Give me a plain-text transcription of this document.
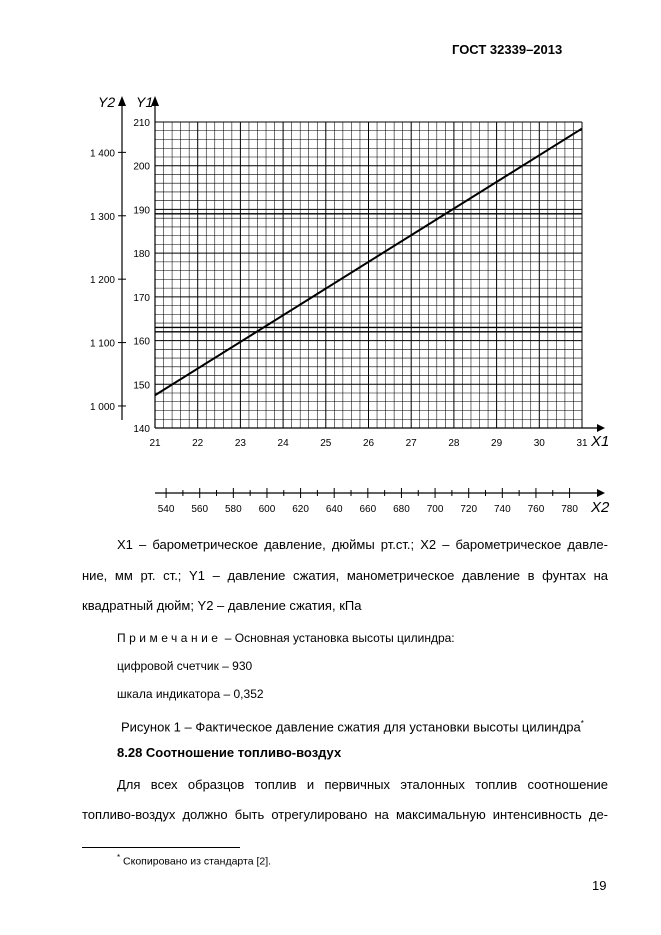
ГОСТ 32339–2013
X1
X2
Y1
Y2
21	22	23	24	25	26	27	28	29	30	31
140
150
160
170
180
190
200
210
1 000
1 100
1 200
1 300
1 400
540 560 580 600 620 640 660 680 700 720 740 760 780

X1 – барометрическое давление, дюймы рт.ст.; X2 – барометрическое давле-

ние, мм рт. ст.; Y1 – давление сжатия, манометрическое давление в фунтах на

квадратный дюйм; Y2 – давление сжатия, кПа

Примечание – Основная установка высоты цилиндра:

цифровой счетчик – 930

шкала индикатора – 0,352

Рисунок 1 – Фактическое давление сжатия для установки высоты цилиндра*

8.28 Соотношение топливо-воздух

Для всех образцов топлив и первичных эталонных топлив соотношение

топливо-воздух должно быть отрегулировано на максимальную интенсивность де-

* Скопировано из стандарта [2].
19
